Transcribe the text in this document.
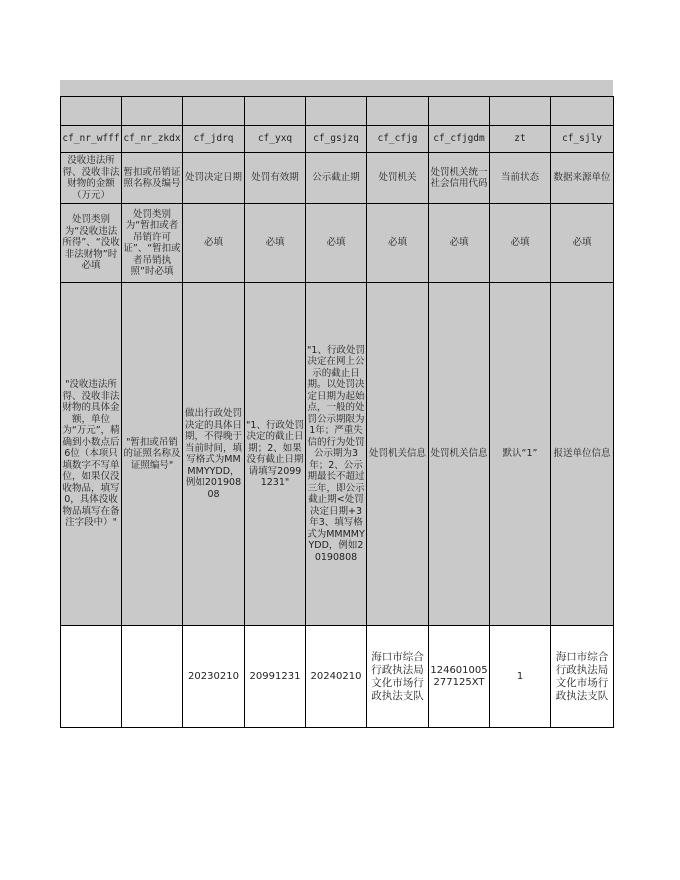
cf_nr_wfff	cf_nr_zkdx	cf_jdrq	cf_yxq	cf_gsjzq	cf_cfjg	cf_cfjgdm	zt	cf_sjly
没收违法所得、没收非法财物的金额（万元）	暂扣或吊销证照名称及编号	处罚决定日期	处罚有效期	公示截止期	处罚机关	处罚机关统一社会信用代码	当前状态	数据来源单位
处罚类别为“没收违法所得”、“没收非法财物”时必填	处罚类别为“暂扣或者吊销许可证”、“暂扣或者吊销执照”时必填	必填	必填	必填	必填	必填	必填	必填
"没收违法所得、没收非法财物的具体金额，单位为“万元”，精确到小数点后6位（本项只填数字不写单位，如果仅没收物品，填写0，具体没收物品填写在备注字段中）"	"暂扣或吊销的证照名称及证照编号"	做出行政处罚决定的具体日期，不得晚于当前时间，填写格式为MMMMYYDD，例如20190808	"1、行政处罚决定的截止日期；2、如果没有截止日期请填写20991231"	"1、行政处罚决定在网上公示的截止日期。以处罚决定日期为起始点，一般的处罚公示期限为1年；严重失信的行为处罚公示期为3年；2、公示期最长不超过三年，即公示截止期<处罚决定日期+3年3、填写格式为MMMMYYDD，例如20190808	处罚机关信息	处罚机关信息	默认“1”	报送单位信息
		20230210	20991231	20240210	海口市综合行政执法局文化市场行政执法支队	124601005277125XT	1	海口市综合行政执法局文化市场行政执法支队
